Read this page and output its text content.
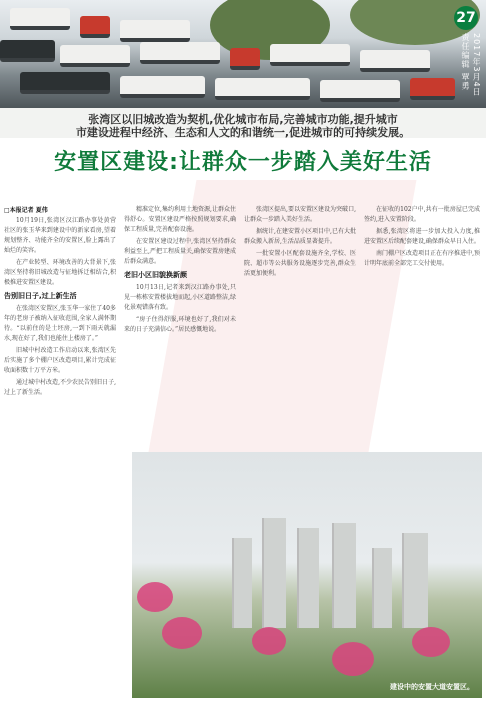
27
2017年3月4日 责任编辑 覃勇
张湾区以旧城改造为契机,优化城市布局,完善城市功能,提升城市
市建设进程中经济、生态和人文的和谐统一,促进城市的可持续发展。
安置区建设:让群众一步踏入美好生活

□本报记者 夏伟

10月19日,张湾区汉江路办事处黄营社区的张玉华来到建设中的新家看房,望着规划整齐、功能齐全的安置区,脸上露出了灿烂的笑容。

在产业转型、环境改善的大背景下,张湾区坚持将旧城改造与征地拆迁相结合,积极推进安置区建设。

告别旧日子,过上新生活

在张湾区安置区,张玉华一家住了40多年的老房子被纳入征收范围,全家人满怀期待。“以前住的是土坯房,一到下雨天就漏水,现在好了,我们也能住上楼房了。”

旧城中村改造工作启动以来,张湾区先后实施了多个棚户区改造项目,累计完成征收面积数十万平方米。

通过城中村改造,不少农民告别旧日子,过上了新生活。

精准定位,集约利用土地资源,让群众住得舒心。安置区建设严格按照规划要求,确保工程质量,完善配套设施。

在安置区建设过程中,张湾区坚持群众利益至上,严把工程质量关,确保安置房建成后群众满意。

老旧小区旧貌换新颜

10月13日,记者来到汉江路办事处,只见一栋栋安置楼拔地而起,小区道路整洁,绿化景观错落有致。

“房子住得舒服,环境也好了,我们对未来的日子充满信心。”居民感慨地说。

张湾区提出,要以安置区建设为突破口,让群众一步踏入美好生活。

据统计,在建安置小区项目中,已有大批群众搬入新居,生活品质显著提升。

一批安置小区配套设施齐全,学校、医院、超市等公共服务设施逐步完善,群众生活更加便利。

在征收的102户中,共有一批房屋已完成签约,进入安置阶段。

据悉,张湾区将进一步加大投入力度,推进安置区后续配套建设,确保群众早日入住。

南门棚户区改造项目正在有序推进中,预计明年底前全部完工交付使用。

建设中的安置大道安置区。
